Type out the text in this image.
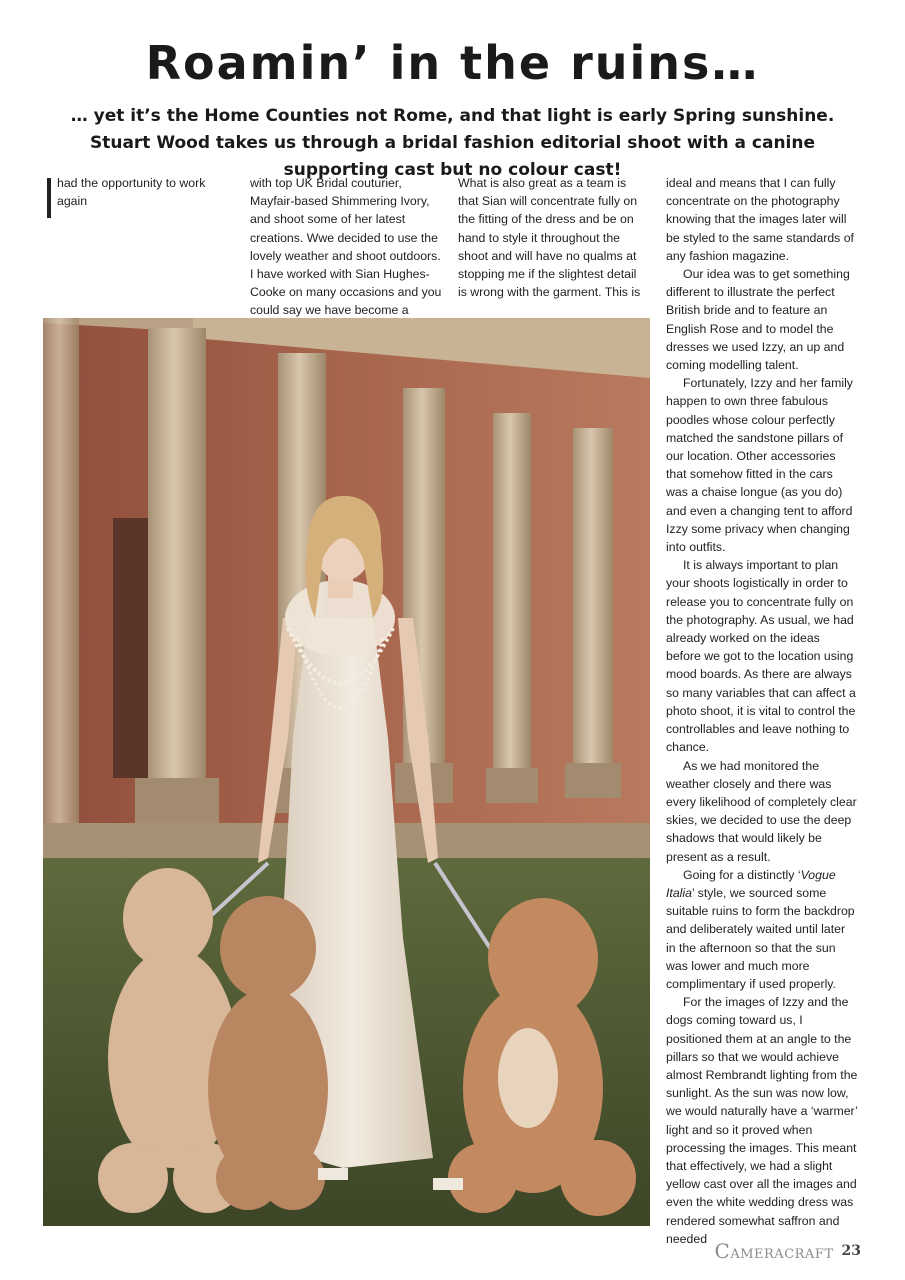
Roamin’ in the ruins…

… yet it’s the Home Counties not Rome, and that light is early Spring sunshine. Stuart Wood takes us through a bridal fashion editorial shoot with a canine supporting cast but no colour cast!

had the opportunity to work again

with top UK Bridal couturier, Mayfair-based Shimmering Ivory, and shoot some of her latest creations. Wwe decided to use the lovely weather and shoot outdoors. I have worked with Sian Hughes-Cooke on many occasions and you could say we have become a

What is also great as a team is that Sian will concentrate fully on the fitting of the dress and be on hand to style it throughout the shoot and will have no qualms at stopping me if the slightest detail is wrong with the garment. This is

ideal and means that I can fully concentrate on the photography knowing that the images later will be styled to the same standards of any fashion magazine.

Our idea was to get something different to illustrate the perfect British bride and to feature an English Rose and to model the dresses we used Izzy, an up and coming modelling talent.

Fortunately, Izzy and her family happen to own three fabulous poodles whose colour perfectly matched the sandstone pillars of our location. Other accessories that somehow fitted in the cars was a chaise longue (as you do) and even a changing tent to afford Izzy some privacy when changing into outfits.

It is always important to plan your shoots logistically in order to release you to concentrate fully on the photography. As usual, we had already worked on the ideas before we got to the location using mood boards. As there are always so many variables that can affect a photo shoot, it is vital to control the controllables and leave nothing to chance.

As we had monitored the weather closely and there was every likelihood of completely clear skies, we decided to use the deep shadows that would likely be present as a result.

Going for a distinctly ‘Vogue Italia’ style, we sourced some suitable ruins to form the backdrop and deliberately waited until later in the afternoon so that the sun was lower and much more complimentary if used properly.

For the images of Izzy and the dogs coming toward us, I positioned them at an angle to the pillars so that we would achieve almost Rembrandt lighting from the sunlight. As the sun was now low, we would naturally have a ‘warmer’ light and so it proved when processing the images. This meant that effectively, we had a slight yellow cast over all the images and even the white wedding dress was rendered somewhat saffron and needed

CAMERACRAFT 23
